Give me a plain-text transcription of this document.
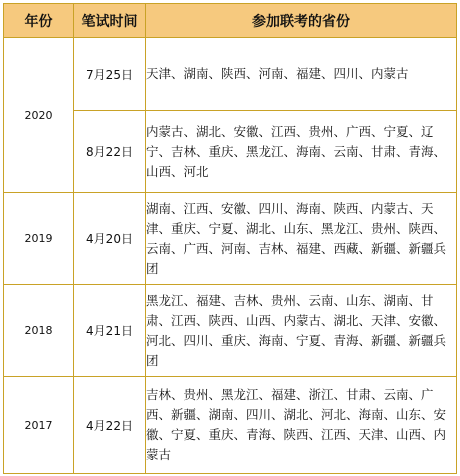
年份	笔试时间	参加联考的省份
2020	7月25日	天津、湖南、陕西、河南、福建、四川、内蒙古
	8月22日	内蒙古、湖北、安徽、江西、贵州、广西、宁夏、辽宁、吉林、重庆、黑龙江、海南、云南、甘肃、青海、山西、河北
2019	4月20日	湖南、江西、安徽、四川、海南、陕西、内蒙古、天津、重庆、宁夏、湖北、山东、黑龙江、贵州、陕西、云南、广西、河南、吉林、福建、西藏、新疆、新疆兵团
2018	4月21日	黑龙江、福建、吉林、贵州、云南、山东、湖南、甘肃、江西、陕西、山西、内蒙古、湖北、天津、安徽、河北、四川、重庆、海南、宁夏、青海、新疆、新疆兵团
2017	4月22日	吉林、贵州、黑龙江、福建、浙江、甘肃、云南、广西、新疆、湖南、四川、湖北、河北、海南、山东、安徽、宁夏、重庆、青海、陕西、江西、天津、山西、内蒙古
